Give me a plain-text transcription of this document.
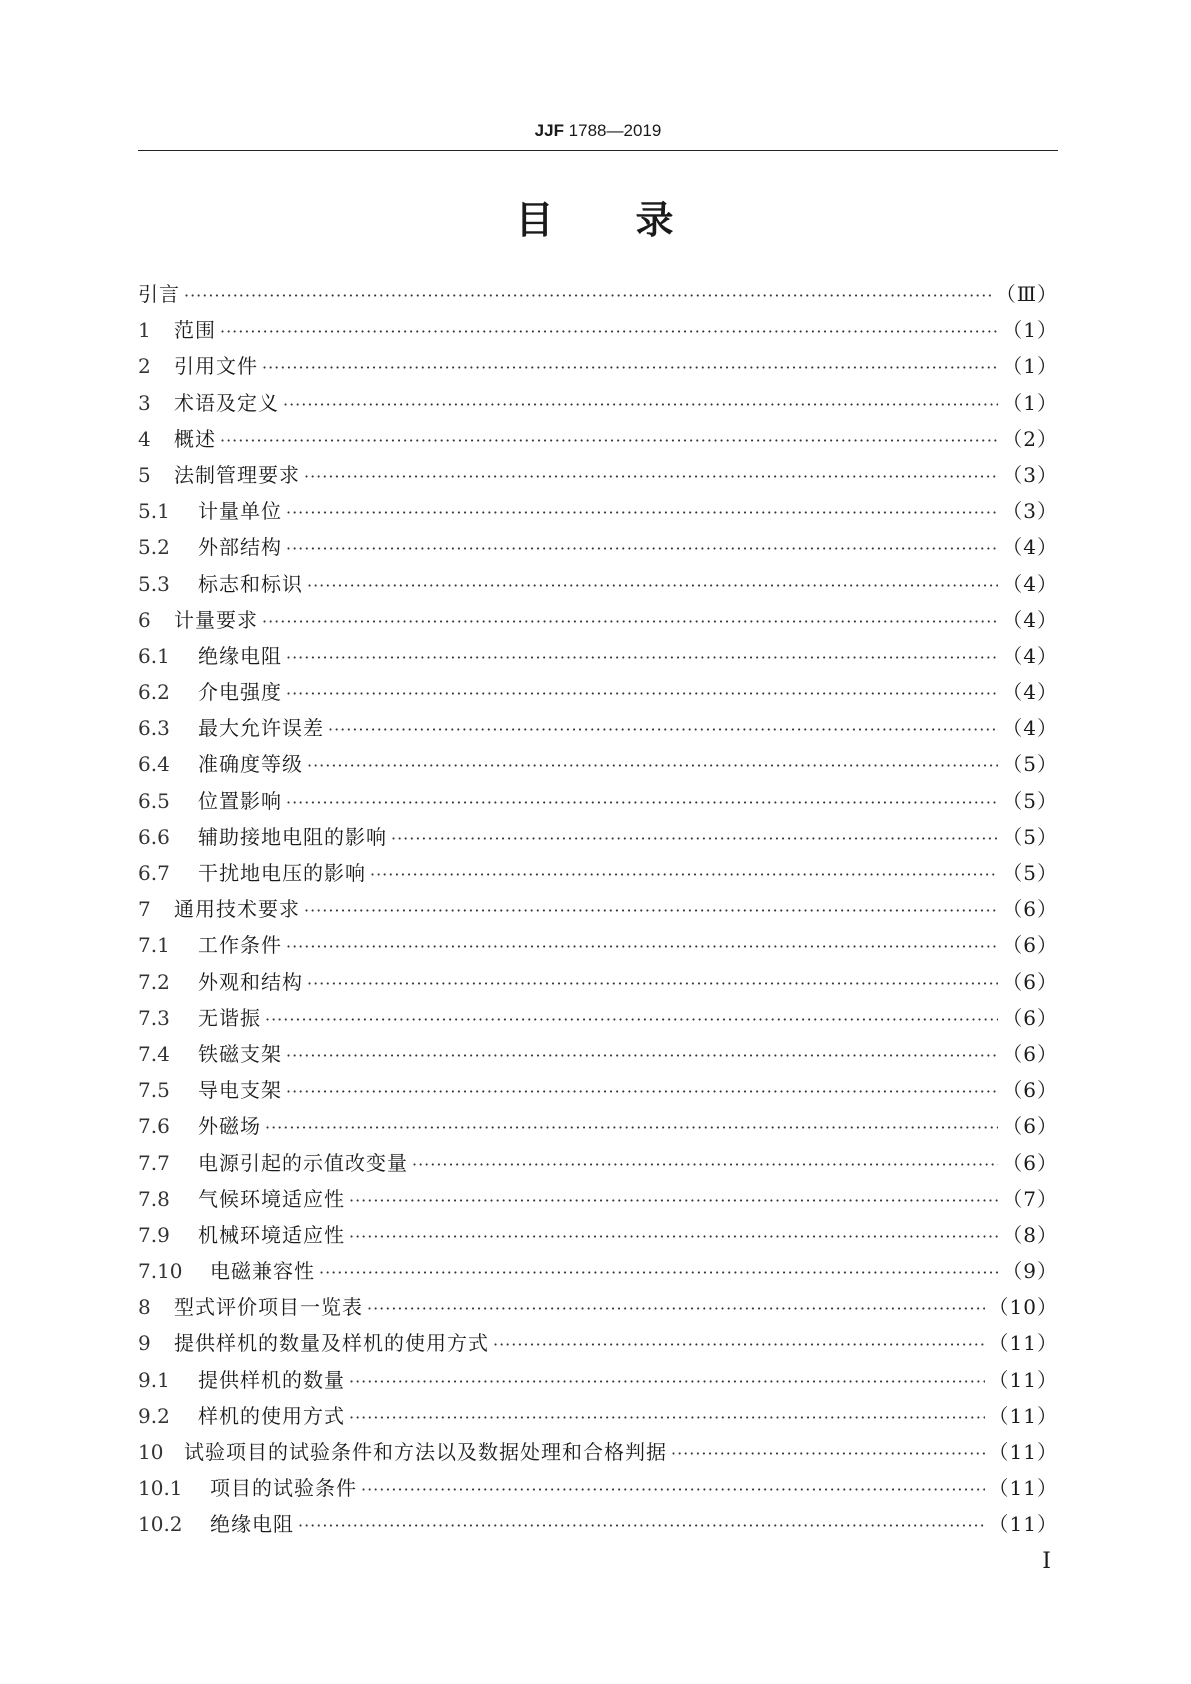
JJF 1788—2019
目 录
引言 ·····	（Ⅲ）
1	范围 ·····	（1）
2	引用文件 ·····	（1）
3	术语及定义 ·····	（1）
4	概述 ·····	（2）
5	法制管理要求 ·····	（3）
5.1	计量单位 ·····	（3）
5.2	外部结构 ·····	（4）
5.3	标志和标识 ·····	（4）
6	计量要求 ·····	（4）
6.1	绝缘电阻 ·····	（4）
6.2	介电强度 ·····	（4）
6.3	最大允许误差 ·····	（4）
6.4	准确度等级 ·····	（5）
6.5	位置影响 ·····	（5）
6.6	辅助接地电阻的影响 ·····	（5）
6.7	干扰地电压的影响 ·····	（5）
7	通用技术要求 ·····	（6）
7.1	工作条件 ·····	（6）
7.2	外观和结构 ·····	（6）
7.3	无谐振 ·····	（6）
7.4	铁磁支架 ·····	（6）
7.5	导电支架 ·····	（6）
7.6	外磁场 ·····	（6）
7.7	电源引起的示值改变量 ·····	（6）
7.8	气候环境适应性 ·····	（7）
7.9	机械环境适应性 ·····	（8）
7.10	电磁兼容性 ·····	（9）
8	型式评价项目一览表 ·····	（10）
9	提供样机的数量及样机的使用方式 ·····	（11）
9.1	提供样机的数量 ·····	（11）
9.2	样机的使用方式 ·····	（11）
10	试验项目的试验条件和方法以及数据处理和合格判据 ·····	（11）
10.1	项目的试验条件 ·····	（11）
10.2	绝缘电阻 ·····	（11）
Ⅰ
